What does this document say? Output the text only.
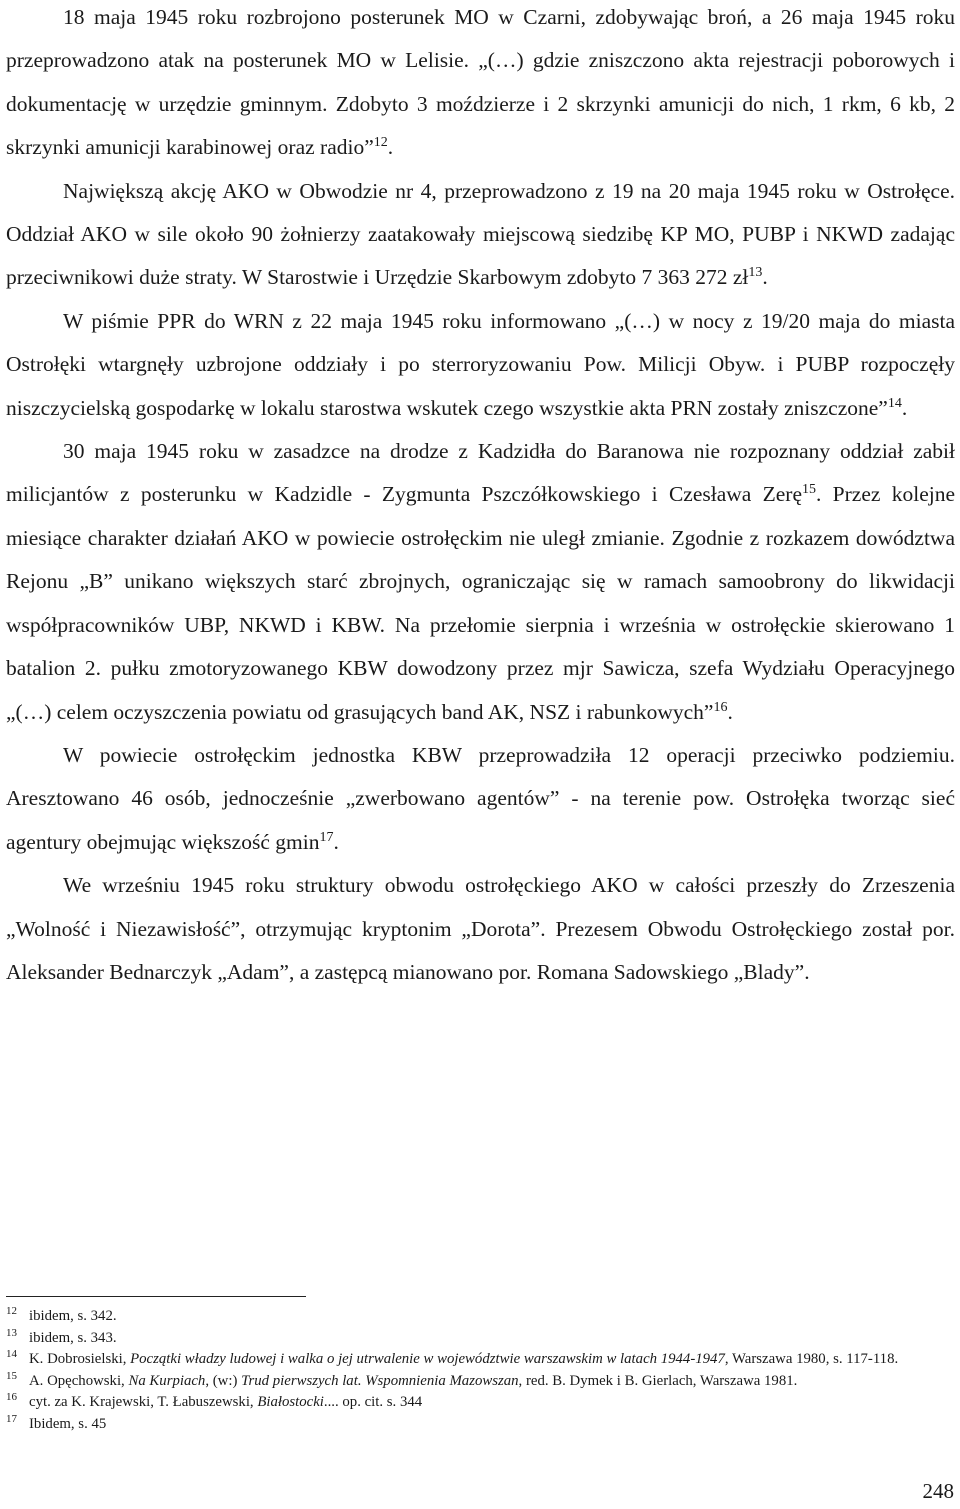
18 maja 1945 roku rozbrojono posterunek MO w Czarni, zdobywając broń, a 26 maja 1945 roku przeprowadzono atak na posterunek MO w Lelisie. „(…) gdzie zniszczono akta rejestracji poborowych i dokumentację w urzędzie gminnym. Zdobyto 3 moździerze i 2 skrzynki amunicji do nich, 1 rkm, 6 kb, 2 skrzynki amunicji karabinowej oraz radio”$^{12}$.

Największą akcję AKO w Obwodzie nr 4, przeprowadzono z 19 na 20 maja 1945 roku w Ostrołęce. Oddział AKO w sile około 90 żołnierzy zaatakowały miejscową siedzibę KP MO, PUBP i NKWD zadając przeciwnikowi duże straty. W Starostwie i Urzędzie Skarbowym zdobyto 7 363 272 $zł^{13}$.

W piśmie PPR do WRN z 22 maja 1945 roku informowano „(…) w nocy z 19/20 maja do miasta Ostrołęki wtargnęły uzbrojone oddziały i po sterroryzowaniu Pow. Milicji Obyw. i PUBP rozpoczęły niszczycielską gospodarkę w lokalu starostwa wskutek czego wszystkie akta PRN zostały zniszczone”$^{14}$.

30 maja 1945 roku w zasadzce na drodze z Kadzidła do Baranowa nie rozpoznany oddział zabił milicjantów z posterunku w Kadzidle - Zygmunta Pszczółkowskiego i Czesława Zerę$^{15}$. Przez kolejne miesiące charakter działań AKO w powiecie ostrołęckim nie uległ zmianie. Zgodnie z rozkazem dowództwa Rejonu „B” unikano większych starć zbrojnych, ograniczając się w ramach samoobrony do likwidacji współpracowników UBP, NKWD i KBW. Na przełomie sierpnia i września w ostrołęckie skierowano 1 batalion 2. pułku zmotoryzowanego KBW dowodzony przez mjr Sawicza, szefa Wydziału Operacyjnego „(…) celem oczyszczenia powiatu od grasujących band AK, NSZ i rabunkowych”$^{16}$.

W powiecie ostrołęckim jednostka KBW przeprowadziła 12 operacji przeciwko podziemiu. Aresztowano 46 osób, jednocześnie „zwerbowano agentów” - na terenie pow. Ostrołęka tworząc sieć agentury obejmując większość gmin$^{17}$.

We wrześniu 1945 roku struktury obwodu ostrołęckiego AKO w całości przeszły do Zrzeszenia „Wolność i Niezawisłość”, otrzymując kryptonim „Dorota”. Prezesem Obwodu Ostrołęckiego został por. Aleksander Bednarczyk „Adam”, a zastępcą mianowano por. Romana Sadowskiego „Blady”.

$^{12}$ ibidem, s. 342.

$^{13}$ ibidem, s. 343.

$^{14}$ K. Dobrosielski, Początki władzy ludowej i walka o jej utrwalenie w województwie warszawskim w latach 1944-1947, Warszawa 1980, s. 117-118.

$^{15}$ A. Opęchowski, Na Kurpiach, (w:) Trud pierwszych lat. Wspomnienia Mazowszan, red. B. Dymek i B. Gierlach, Warszawa 1981.

$^{16}$ cyt. za K. Krajewski, T. Łabuszewski, Białostocki.... op. cit. s. 344

$^{17}$ Ibidem, s. 45

248
